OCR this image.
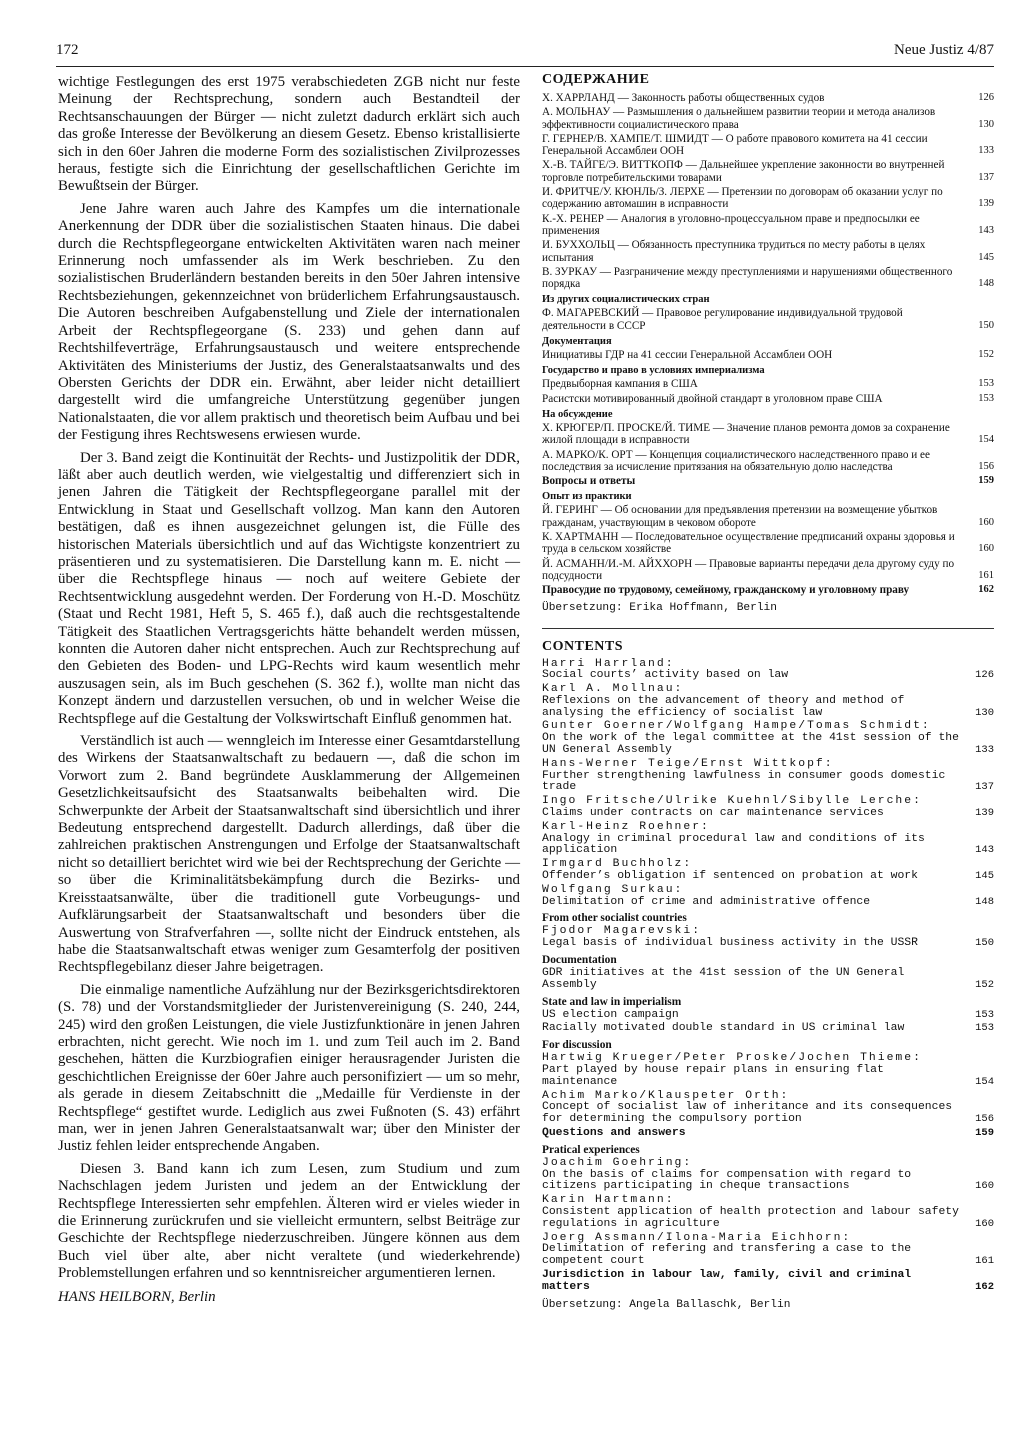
172	Neue Justiz 4/87

wichtige Festlegungen des erst 1975 verabschiedeten ZGB nicht nur feste Meinung der Rechtsprechung, sondern auch Bestandteil der Rechtsanschauungen der Bürger — nicht zuletzt dadurch erklärt sich auch das große Interesse der Bevölkerung an diesem Gesetz. Ebenso kristallisierte sich in den 60er Jahren die moderne Form des sozialistischen Zivilprozesses heraus, festigte sich die Einrichtung der gesellschaftlichen Gerichte im Bewußtsein der Bürger.

Jene Jahre waren auch Jahre des Kampfes um die internationale Anerkennung der DDR über die sozialistischen Staaten hinaus. Die dabei durch die Rechtspflegeorgane entwickelten Aktivitäten waren nach meiner Erinnerung noch umfassender als im Werk beschrieben. Zu den sozialistischen Bruderländern bestanden bereits in den 50er Jahren intensive Rechtsbeziehungen, gekennzeichnet von brüderlichem Erfahrungsaustausch. Die Autoren beschreiben Aufgabenstellung und Ziele der internationalen Arbeit der Rechtspflegeorgane (S. 233) und gehen dann auf Rechtshilfeverträge, Erfahrungsaustausch und weitere entsprechende Aktivitäten des Ministeriums der Justiz, des Generalstaatsanwalts und des Obersten Gerichts der DDR ein. Erwähnt, aber leider nicht detailliert dargestellt wird die umfangreiche Unterstützung gegenüber jungen Nationalstaaten, die vor allem praktisch und theoretisch beim Aufbau und bei der Festigung ihres Rechtswesens erwiesen wurde.

Der 3. Band zeigt die Kontinuität der Rechts- und Justizpolitik der DDR, läßt aber auch deutlich werden, wie vielgestaltig und differenziert sich in jenen Jahren die Tätigkeit der Rechtspflegeorgane parallel mit der Entwicklung in Staat und Gesellschaft vollzog. Man kann den Autoren bestätigen, daß es ihnen ausgezeichnet gelungen ist, die Fülle des historischen Materials übersichtlich und auf das Wichtigste konzentriert zu präsentieren und zu systematisieren. Die Darstellung kann m. E. nicht — über die Rechtspflege hinaus — noch auf weitere Gebiete der Rechtsentwicklung ausgedehnt werden. Der Forderung von H.-D. Moschütz (Staat und Recht 1981, Heft 5, S. 465 f.), daß auch die rechtsgestaltende Tätigkeit des Staatlichen Vertragsgerichts hätte behandelt werden müssen, konnten die Autoren daher nicht entsprechen. Auch zur Rechtsprechung auf den Gebieten des Boden- und LPG-Rechts wird kaum wesentlich mehr auszusagen sein, als im Buch geschehen (S. 362 f.), wollte man nicht das Konzept ändern und darzustellen versuchen, ob und in welcher Weise die Rechtspflege auf die Gestaltung der Volkswirtschaft Einfluß genommen hat.

Verständlich ist auch — wenngleich im Interesse einer Gesamtdarstellung des Wirkens der Staatsanwaltschaft zu bedauern —, daß die schon im Vorwort zum 2. Band begründete Ausklammerung der Allgemeinen Gesetzlichkeitsaufsicht des Staatsanwalts beibehalten wird. Die Schwerpunkte der Arbeit der Staatsanwaltschaft sind übersichtlich und ihrer Bedeutung entsprechend dargestellt. Dadurch allerdings, daß über die zahlreichen praktischen Anstrengungen und Erfolge der Staatsanwaltschaft nicht so detailliert berichtet wird wie bei der Rechtsprechung der Gerichte — so über die Kriminalitätsbekämpfung durch die Bezirks- und Kreisstaatsanwälte, über die traditionell gute Vorbeugungs- und Aufklärungsarbeit der Staatsanwaltschaft und besonders über die Auswertung von Strafverfahren —, sollte nicht der Eindruck entstehen, als habe die Staatsanwaltschaft etwas weniger zum Gesamterfolg der positiven Rechtspflegebilanz dieser Jahre beigetragen.

Die einmalige namentliche Aufzählung nur der Bezirksgerichtsdirektoren (S. 78) und der Vorstandsmitglieder der Juristenvereinigung (S. 240, 244, 245) wird den großen Leistungen, die viele Justizfunktionäre in jenen Jahren erbrachten, nicht gerecht. Wie noch im 1. und zum Teil auch im 2. Band geschehen, hätten die Kurzbiografien einiger herausragender Juristen die geschichtlichen Ereignisse der 60er Jahre auch personifiziert — um so mehr, als gerade in diesem Zeitabschnitt die „Medaille für Verdienste in der Rechtspflege“ gestiftet wurde. Lediglich aus zwei Fußnoten (S. 43) erfährt man, wer in jenen Jahren Generalstaatsanwalt war; über den Minister der Justiz fehlen leider entsprechende Angaben.

Diesen 3. Band kann ich zum Lesen, zum Studium und zum Nachschlagen jedem Juristen und jedem an der Entwicklung der Rechtspflege Interessierten sehr empfehlen. Älteren wird er vieles wieder in die Erinnerung zurückrufen und sie vielleicht ermuntern, selbst Beiträge zur Geschichte der Rechtspflege niederzuschreiben. Jüngere können aus dem Buch viel über alte, aber nicht veraltete (und wiederkehrende) Problemstellungen erfahren und so kenntnisreicher argumentieren lernen.

HANS HEILBORN, Berlin

СОДЕРЖАНИЕ
Х. ХАРРЛАНД — Законность работы общественных судов	126
А. МОЛЬНАУ — Размышления о дальнейшем развитии теории и метода анализов эффективности социалистического права	130
Г. ГЕРНЕР/В. ХАМПЕ/Т. ШМИДТ — О работе правового комитета на 41 сессии Генеральной Ассамблеи ООН	133
Х.-В. ТАЙГЕ/Э. ВИТТКОПФ — Дальнейшее укрепление законности во внутренней торговле потребительскими товарами	137
И. ФРИТЧЕ/У. КЮНЛЬ/З. ЛЕРХЕ — Претензии по договорам об оказании услуг по содержанию автомашин в исправности	139
К.-Х. РЕНЕР — Аналогия в уголовно-процессуальном праве и предпосылки ее применения	143
И. БУХХОЛЬЦ — Обязанность преступника трудиться по месту работы в целях испытания	145
В. ЗУРКАУ — Разграничение между преступлениями и нарушениями общественного порядка	148
Из других социалистических стран
Ф. МАГАРЕВСКИЙ — Правовое регулирование индивидуальной трудовой деятельности в СССР	150
Документация
Инициативы ГДР на 41 сессии Генеральной Ассамблеи ООН	152
Государство и право в условиях империализма
Предвыборная кампания в США	153
Расистски мотивированный двойной стандарт в уголовном праве США	153
На обсуждение
Х. КРЮГЕР/П. ПРОСКЕ/Й. ТИМЕ — Значение планов ремонта домов за сохранение жилой площади в исправности	154
А. МАРКО/К. ОРТ — Концепция социалистического наследственного право и ее последствия за исчисление притязания на обязательную долю наследства	156
Вопросы и ответы	159
Опыт из практики
Й. ГЕРИНГ — Об основании для предъявления претензии на возмещение убытков гражданам, участвующим в чековом обороте	160
К. ХАРТМАНН — Последовательное осуществление предписаний охраны здоровья и труда в сельском хозяйстве	160
Й. АСМАНН/И.-М. АЙХХОРН — Правовые варианты передачи дела другому суду по подсудности	161
Правосудие по трудовому, семейному, гражданскому и уголовному праву	162
Übersetzung: Erika Hoffmann, Berlin
CONTENTS
Harri Harrland:
Social courts’ activity based on law	126
Karl A. Mollnau:
Reflexions on the advancement of theory and method of analysing the efficiency of socialist law	130
Gunter Goerner/Wolfgang Hampe/Tomas Schmidt:
On the work of the legal committee at the 41st session of the UN General Assembly	133
Hans-Werner Teige/Ernst Wittkopf:
Further strengthening lawfulness in consumer goods domestic trade	137
Ingo Fritsche/Ulrike Kuehnl/Sibylle Lerche:
Claims under contracts on car maintenance services	139
Karl-Heinz Roehner:
Analogy in criminal procedural law and conditions of its application	143
Irmgard Buchholz:
Offender’s obligation if sentenced on probation at work	145
Wolfgang Surkau:
Delimitation of crime and administrative offence	148
From other socialist countries
Fjodor Magarevski:
Legal basis of individual business activity in the USSR	150
Documentation
GDR initiatives at the 41st session of the UN General Assembly	152
State and law in imperialism
US election campaign	153
Racially motivated double standard in US criminal law	153
For discussion
Hartwig Krueger/Peter Proske/Jochen Thieme:
Part played by house repair plans in ensuring flat maintenance	154
Achim Marko/Klauspeter Orth:
Concept of socialist law of inheritance and its consequences for determining the compulsory portion	156
Questions and answers	159
Pratical experiences
Joachim Goehring:
On the basis of claims for compensation with regard to citizens participating in cheque transactions	160
Karin Hartmann:
Consistent application of health protection and labour safety regulations in agriculture	160
Joerg Assmann/Ilona-Maria Eichhorn:
Delimitation of refering and transfering a case to the competent court	161
Jurisdiction in labour law, family, civil and criminal matters	162
Übersetzung: Angela Ballaschk, Berlin
